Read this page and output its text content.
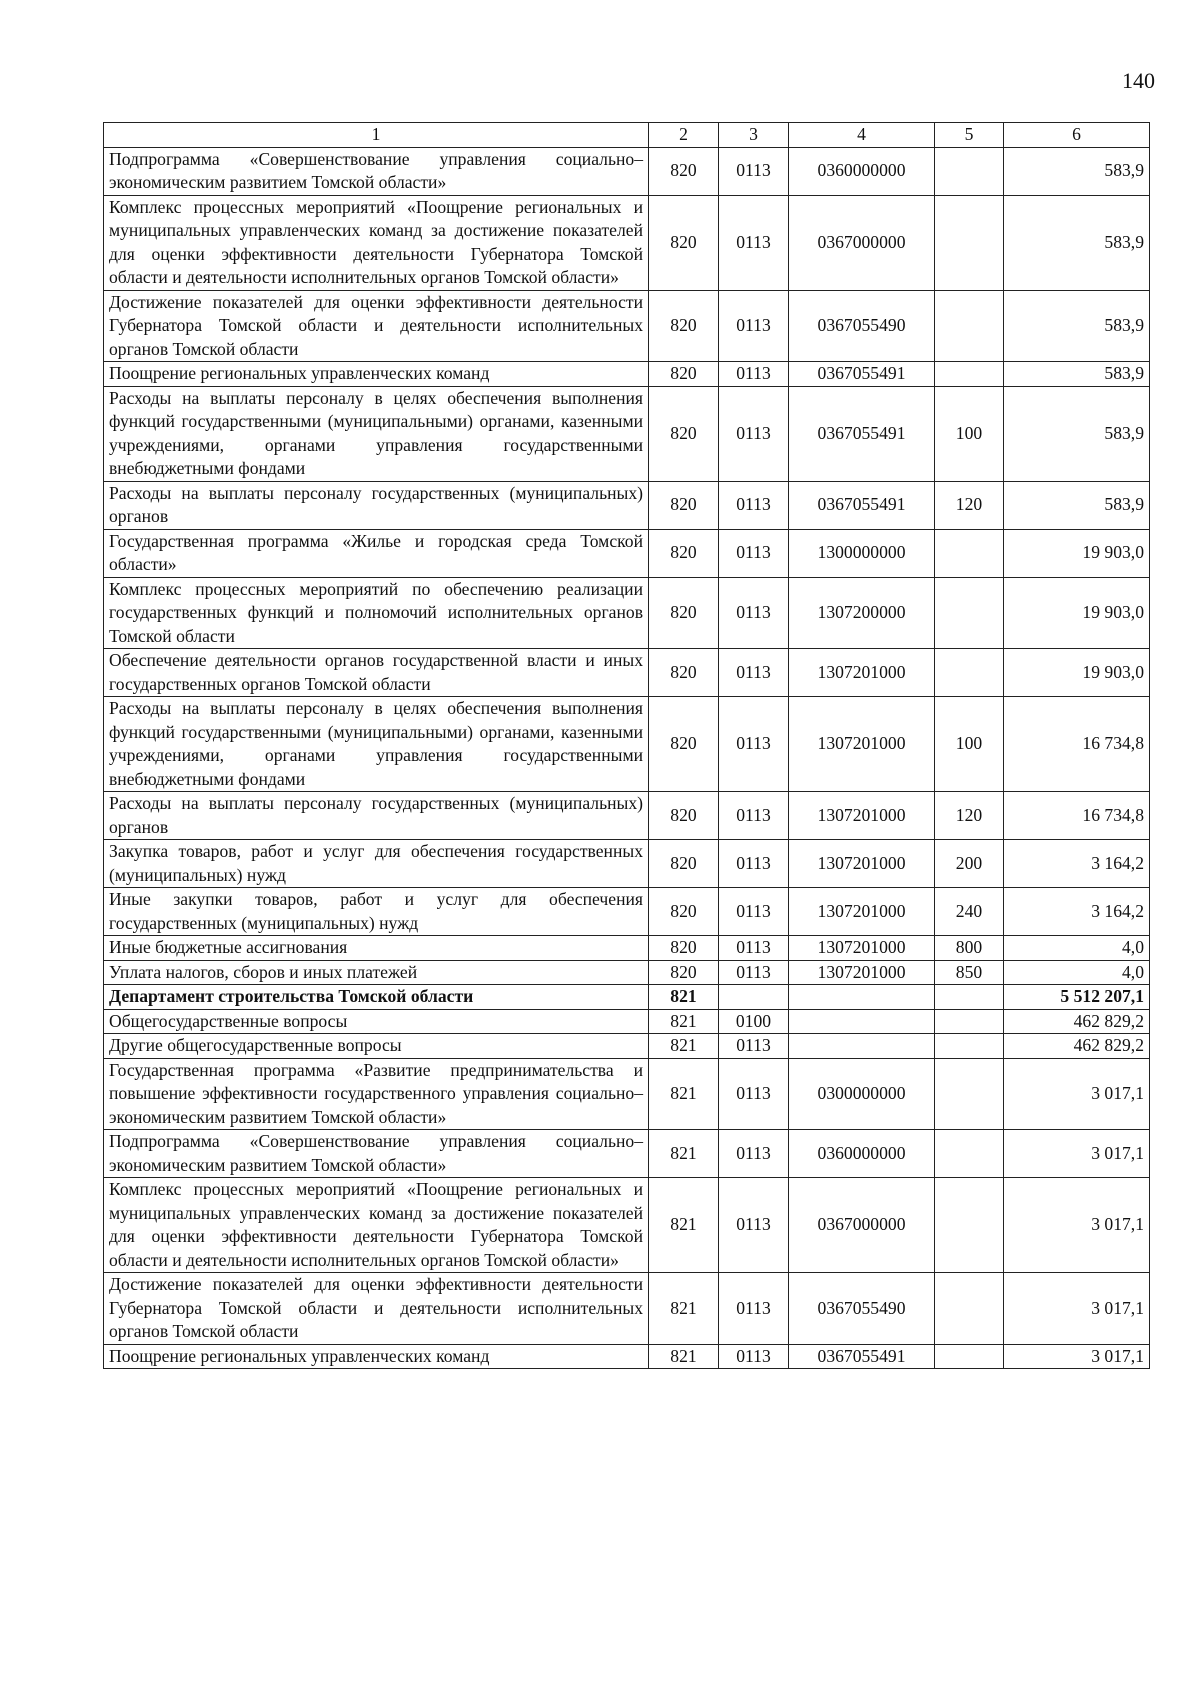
140
1	2	3	4	5	6
Подпрограмма «Совершенствование управления социально–экономическим развитием Томской области»	820	0113	0360000000		583,9
Комплекс процессных мероприятий «Поощрение региональных и муниципальных управленческих команд за достижение показателей для оценки эффективности деятельности Губернатора Томской области и деятельности исполнительных органов Томской области»	820	0113	0367000000		583,9
Достижение показателей для оценки эффективности деятельности Губернатора Томской области и деятельности исполнительных органов Томской области	820	0113	0367055490		583,9
Поощрение региональных управленческих команд	820	0113	0367055491		583,9
Расходы на выплаты персоналу в целях обеспечения выполнения функций государственными (муниципальными) органами, казенными учреждениями, органами управления государственными внебюджетными фондами	820	0113	0367055491	100	583,9
Расходы на выплаты персоналу государственных (муниципальных) органов	820	0113	0367055491	120	583,9
Государственная программа «Жилье и городская среда Томской области»	820	0113	1300000000		19 903,0
Комплекс процессных мероприятий по обеспечению реализации государственных функций и полномочий исполнительных органов Томской области	820	0113	1307200000		19 903,0
Обеспечение деятельности органов государственной власти и иных государственных органов Томской области	820	0113	1307201000		19 903,0
Расходы на выплаты персоналу в целях обеспечения выполнения функций государственными (муниципальными) органами, казенными учреждениями, органами управления государственными внебюджетными фондами	820	0113	1307201000	100	16 734,8
Расходы на выплаты персоналу государственных (муниципальных) органов	820	0113	1307201000	120	16 734,8
Закупка товаров, работ и услуг для обеспечения государственных (муниципальных) нужд	820	0113	1307201000	200	3 164,2
Иные закупки товаров, работ и услуг для обеспечения государственных (муниципальных) нужд	820	0113	1307201000	240	3 164,2
Иные бюджетные ассигнования	820	0113	1307201000	800	4,0
Уплата налогов, сборов и иных платежей	820	0113	1307201000	850	4,0
Департамент строительства Томской области	821				5 512 207,1
Общегосударственные вопросы	821	0100			462 829,2
Другие общегосударственные вопросы	821	0113			462 829,2
Государственная программа «Развитие предпринимательства и повышение эффективности государственного управления социально–экономическим развитием Томской области»	821	0113	0300000000		3 017,1
Подпрограмма «Совершенствование управления социально–экономическим развитием Томской области»	821	0113	0360000000		3 017,1
Комплекс процессных мероприятий «Поощрение региональных и муниципальных управленческих команд за достижение показателей для оценки эффективности деятельности Губернатора Томской области и деятельности исполнительных органов Томской области»	821	0113	0367000000		3 017,1
Достижение показателей для оценки эффективности деятельности Губернатора Томской области и деятельности исполнительных органов Томской области	821	0113	0367055490		3 017,1
Поощрение региональных управленческих команд	821	0113	0367055491		3 017,1
